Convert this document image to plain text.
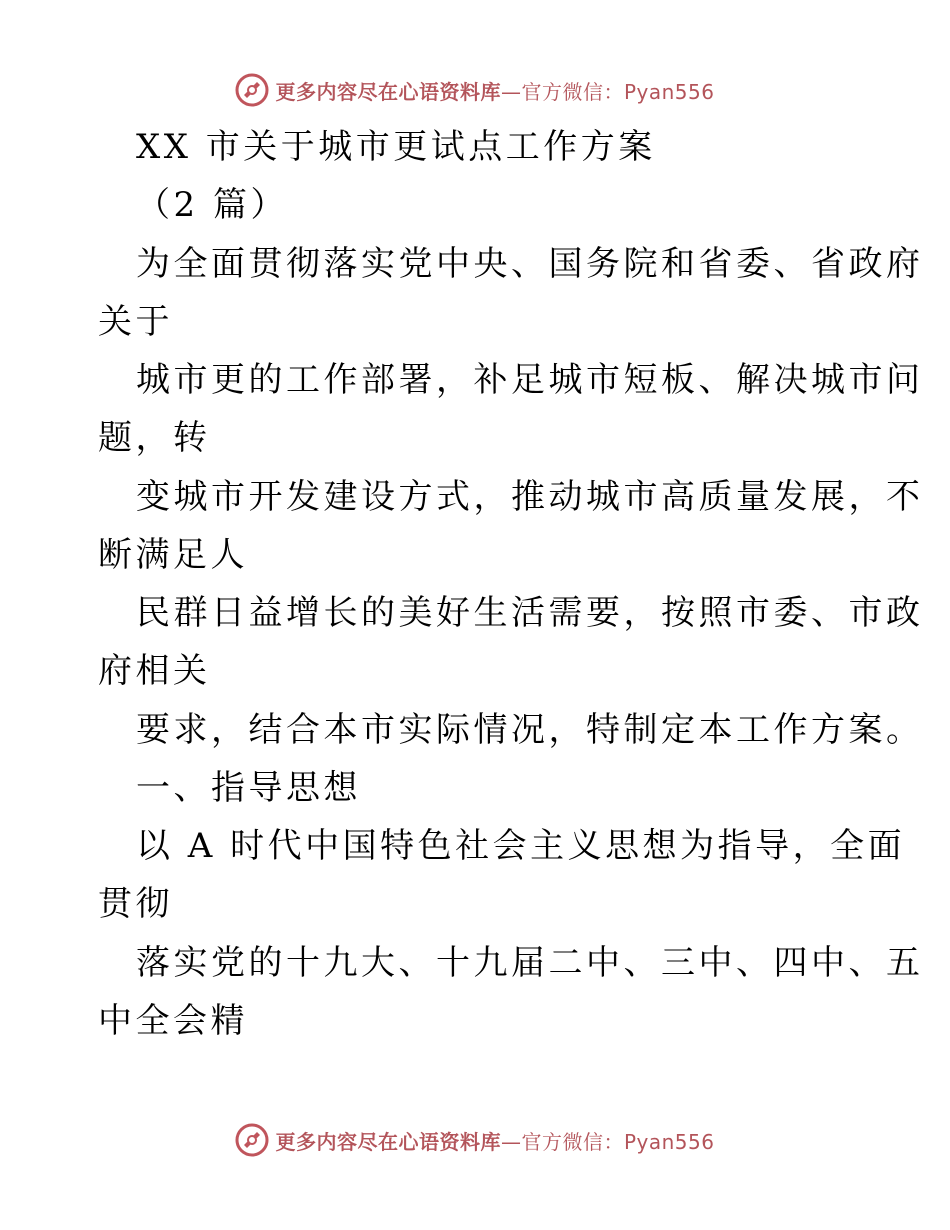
更多内容尽在心语资料库—官方微信：Pyan556
XX 市关于城市更试点工作方案
（2 篇）
为全面贯彻落实党中央、国务院和省委、省政府
关于
城市更的工作部署，补足城市短板、解决城市问
题，转
变城市开发建设方式，推动城市高质量发展，不
断满足人
民群日益增长的美好生活需要，按照市委、市政
府相关
要求，结合本市实际情况，特制定本工作方案。
一、指导思想
以 A 时代中国特色社会主义思想为指导，全面
贯彻
落实党的十九大、十九届二中、三中、四中、五
中全会精
更多内容尽在心语资料库—官方微信：Pyan556
